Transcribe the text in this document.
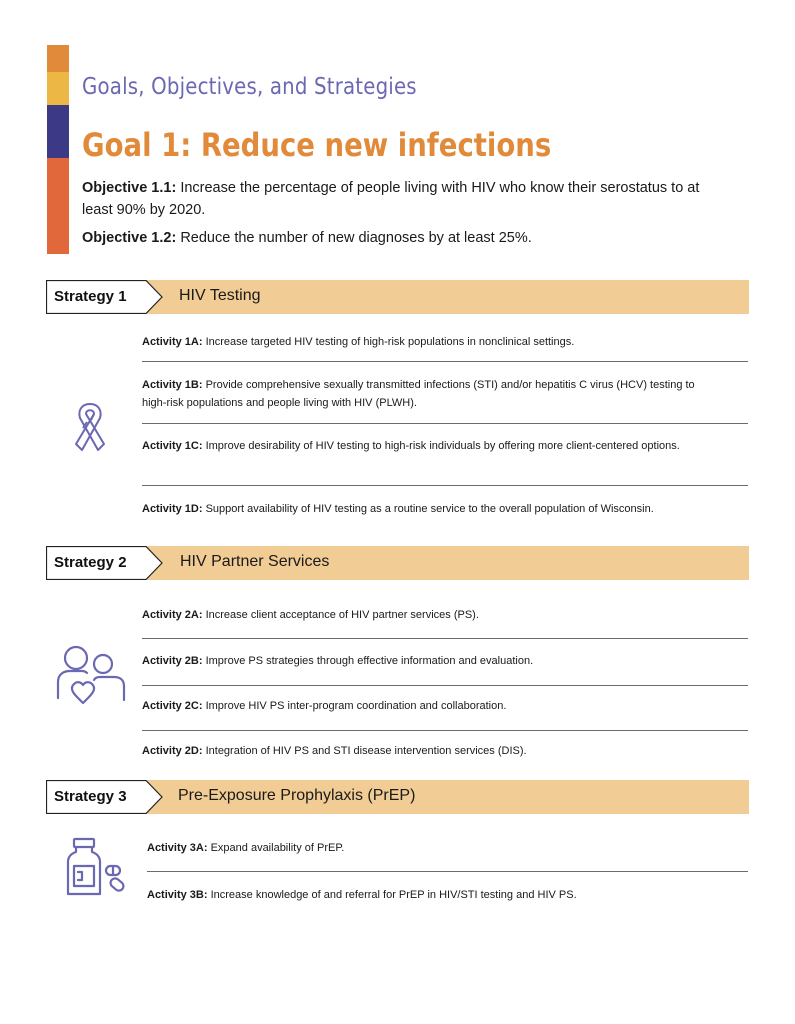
Goals, Objectives, and Strategies
Goal 1: Reduce new infections
Objective 1.1: Increase the percentage of people living with HIV who know their serostatus to at least 90% by 2020.
Objective 1.2: Reduce the number of new diagnoses by at least 25%.
Strategy 1	HIV Testing
Activity 1A: Increase targeted HIV testing of high-risk populations in nonclinical settings.
Activity 1B: Provide comprehensive sexually transmitted infections (STI) and/or hepatitis C virus (HCV) testing to high-risk populations and people living with HIV (PLWH).
Activity 1C: Improve desirability of HIV testing to high-risk individuals by offering more client-centered options.
Activity 1D: Support availability of HIV testing as a routine service to the overall population of Wisconsin.
Strategy 2	HIV Partner Services
Activity 2A: Increase client acceptance of HIV partner services (PS).
Activity 2B: Improve PS strategies through effective information and evaluation.
Activity 2C: Improve HIV PS inter-program coordination and collaboration.
Activity 2D: Integration of HIV PS and STI disease intervention services (DIS).
Strategy 3	Pre-Exposure Prophylaxis (PrEP)
Activity 3A: Expand availability of PrEP.
Activity 3B: Increase knowledge of and referral for PrEP in HIV/STI testing and HIV PS.
